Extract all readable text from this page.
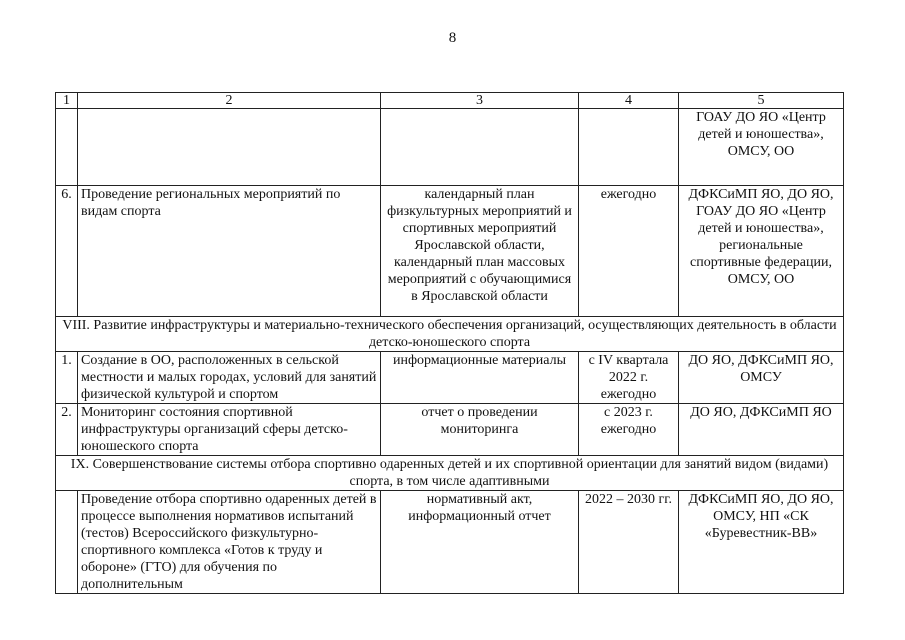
8
1	2	3	4	5
				ГОАУ ДО ЯО «Центр детей и юношества», ОМСУ, ОО
6.	Проведение региональных мероприятий по видам спорта	календарный план физкультурных мероприятий и спортивных мероприятий Ярославской области, календарный план массовых мероприятий с обучающимися в Ярославской области	ежегодно	ДФКСиМП ЯО, ДО ЯО, ГОАУ ДО ЯО «Центр детей и юношества», региональные спортивные федерации, ОМСУ, ОО
VIII. Развитие инфраструктуры и материально-технического обеспечения организаций, осуществляющих деятельность в области детско-юношеского спорта				
1.	Создание в ОО, расположенных в сельской местности и малых городах, условий для занятий физической культурой и спортом	информационные материалы	с IV квартала 2022 г. ежегодно	ДО ЯО, ДФКСиМП ЯО, ОМСУ
2.	Мониторинг состояния спортивной инфраструктуры организаций сферы детско-юношеского спорта	отчет о проведении мониторинга	с 2023 г. ежегодно	ДО ЯО, ДФКСиМП ЯО
IX. Совершенствование системы отбора спортивно одаренных детей и их спортивной ориентации для занятий видом (видами) спорта, в том числе адаптивными				
	Проведение отбора спортивно одаренных детей в процессе выполнения нормативов испытаний (тестов) Всероссийского физкультурно-спортивного комплекса «Готов к труду и обороне» (ГТО) для обучения по дополнительным	нормативный акт, информационный отчет	2022 – 2030 гг.	ДФКСиМП ЯО, ДО ЯО, ОМСУ, НП «СК «Буревестник-ВВ»
